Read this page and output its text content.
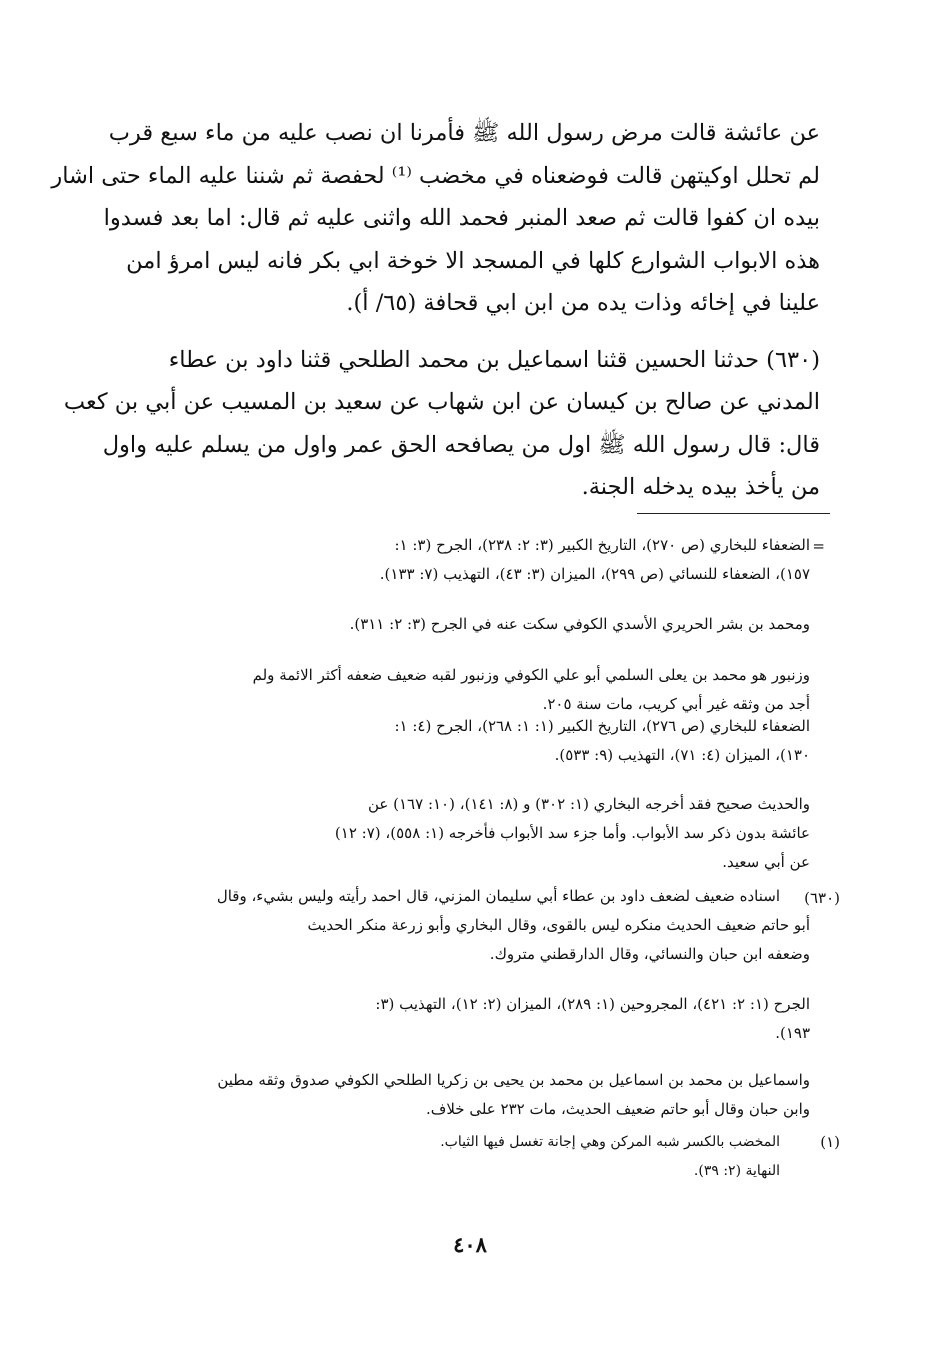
عن عائشة قالت مرض رسول الله ﷺ فأمرنا ان نصب عليه من ماء سبع قرب
لم تحلل اوكيتهن قالت فوضعناه في مخضب ⁽¹⁾ لحفصة ثم شننا عليه الماء حتى اشار
بيده ان كفوا قالت ثم صعد المنبر فحمد الله واثنى عليه ثم قال: اما بعد فسدوا
هذه الابواب الشوارع كلها في المسجد الا خوخة ابي بكر فانه ليس امرؤ امن
علينا في إخائه وذات يده من ابن ابي قحافة (٦٥/ أ).
(٦٣٠) حدثنا الحسين قثنا اسماعيل بن محمد الطلحي قثنا داود بن عطاء
المدني عن صالح بن كيسان عن ابن شهاب عن سعيد بن المسيب عن أبي بن كعب
قال: قال رسول الله ﷺ اول من يصافحه الحق عمر واول من يسلم عليه واول
من يأخذ بيده يدخله الجنة.
=
الضعفاء للبخاري (ص ٢٧٠)، التاريخ الكبير (٣: ٢: ٢٣٨)، الجرح (٣: ١:
١٥٧)، الضعفاء للنسائي (ص ٢٩٩)، الميزان (٣: ٤٣)، التهذيب (٧: ١٣٣).
ومحمد بن بشر الحريري الأسدي الكوفي سكت عنه في الجرح (٣: ٢: ٣١١).
وزنبور هو محمد بن يعلى السلمي أبو علي الكوفي وزنبور لقبه ضعيف ضعفه أكثر الائمة ولم
أجد من وثقه غير أبي كريب، مات سنة ٢٠٥.
الضعفاء للبخاري (ص ٢٧٦)، التاريخ الكبير (١: ١: ٢٦٨)، الجرح (٤: ١:
١٣٠)، الميزان (٤: ٧١)، التهذيب (٩: ٥٣٣).
والحديث صحيح فقد أخرجه البخاري (١: ٣٠٢) و (٨: ١٤١)، (١٠: ١٦٧) عن
عائشة بدون ذكر سد الأبواب. وأما جزء سد الأبواب فأخرجه (١: ٥٥٨)، (٧: ١٢)
عن أبي سعيد.
(٦٣٠)
اسناده ضعيف لضعف داود بن عطاء أبي سليمان المزني، قال احمد رأيته وليس بشيء، وقال
أبو حاتم ضعيف الحديث منكره ليس بالقوى، وقال البخاري وأبو زرعة منكر الحديث
وضعفه ابن حبان والنسائي، وقال الدارقطني متروك.
الجرح (١: ٢: ٤٢١)، المجروحين (١: ٢٨٩)، الميزان (٢: ١٢)، التهذيب (٣:
١٩٣).
واسماعيل بن محمد بن اسماعيل بن محمد بن يحيى بن زكريا الطلحي الكوفي صدوق وثقه مطين
وابن حبان وقال أبو حاتم ضعيف الحديث، مات ٢٣٢ على خلاف.
(١)
المخضب بالكسر شبه المركن وهي إجانة تغسل فيها الثياب.
النهاية (٢: ٣٩).
٤٠٨
